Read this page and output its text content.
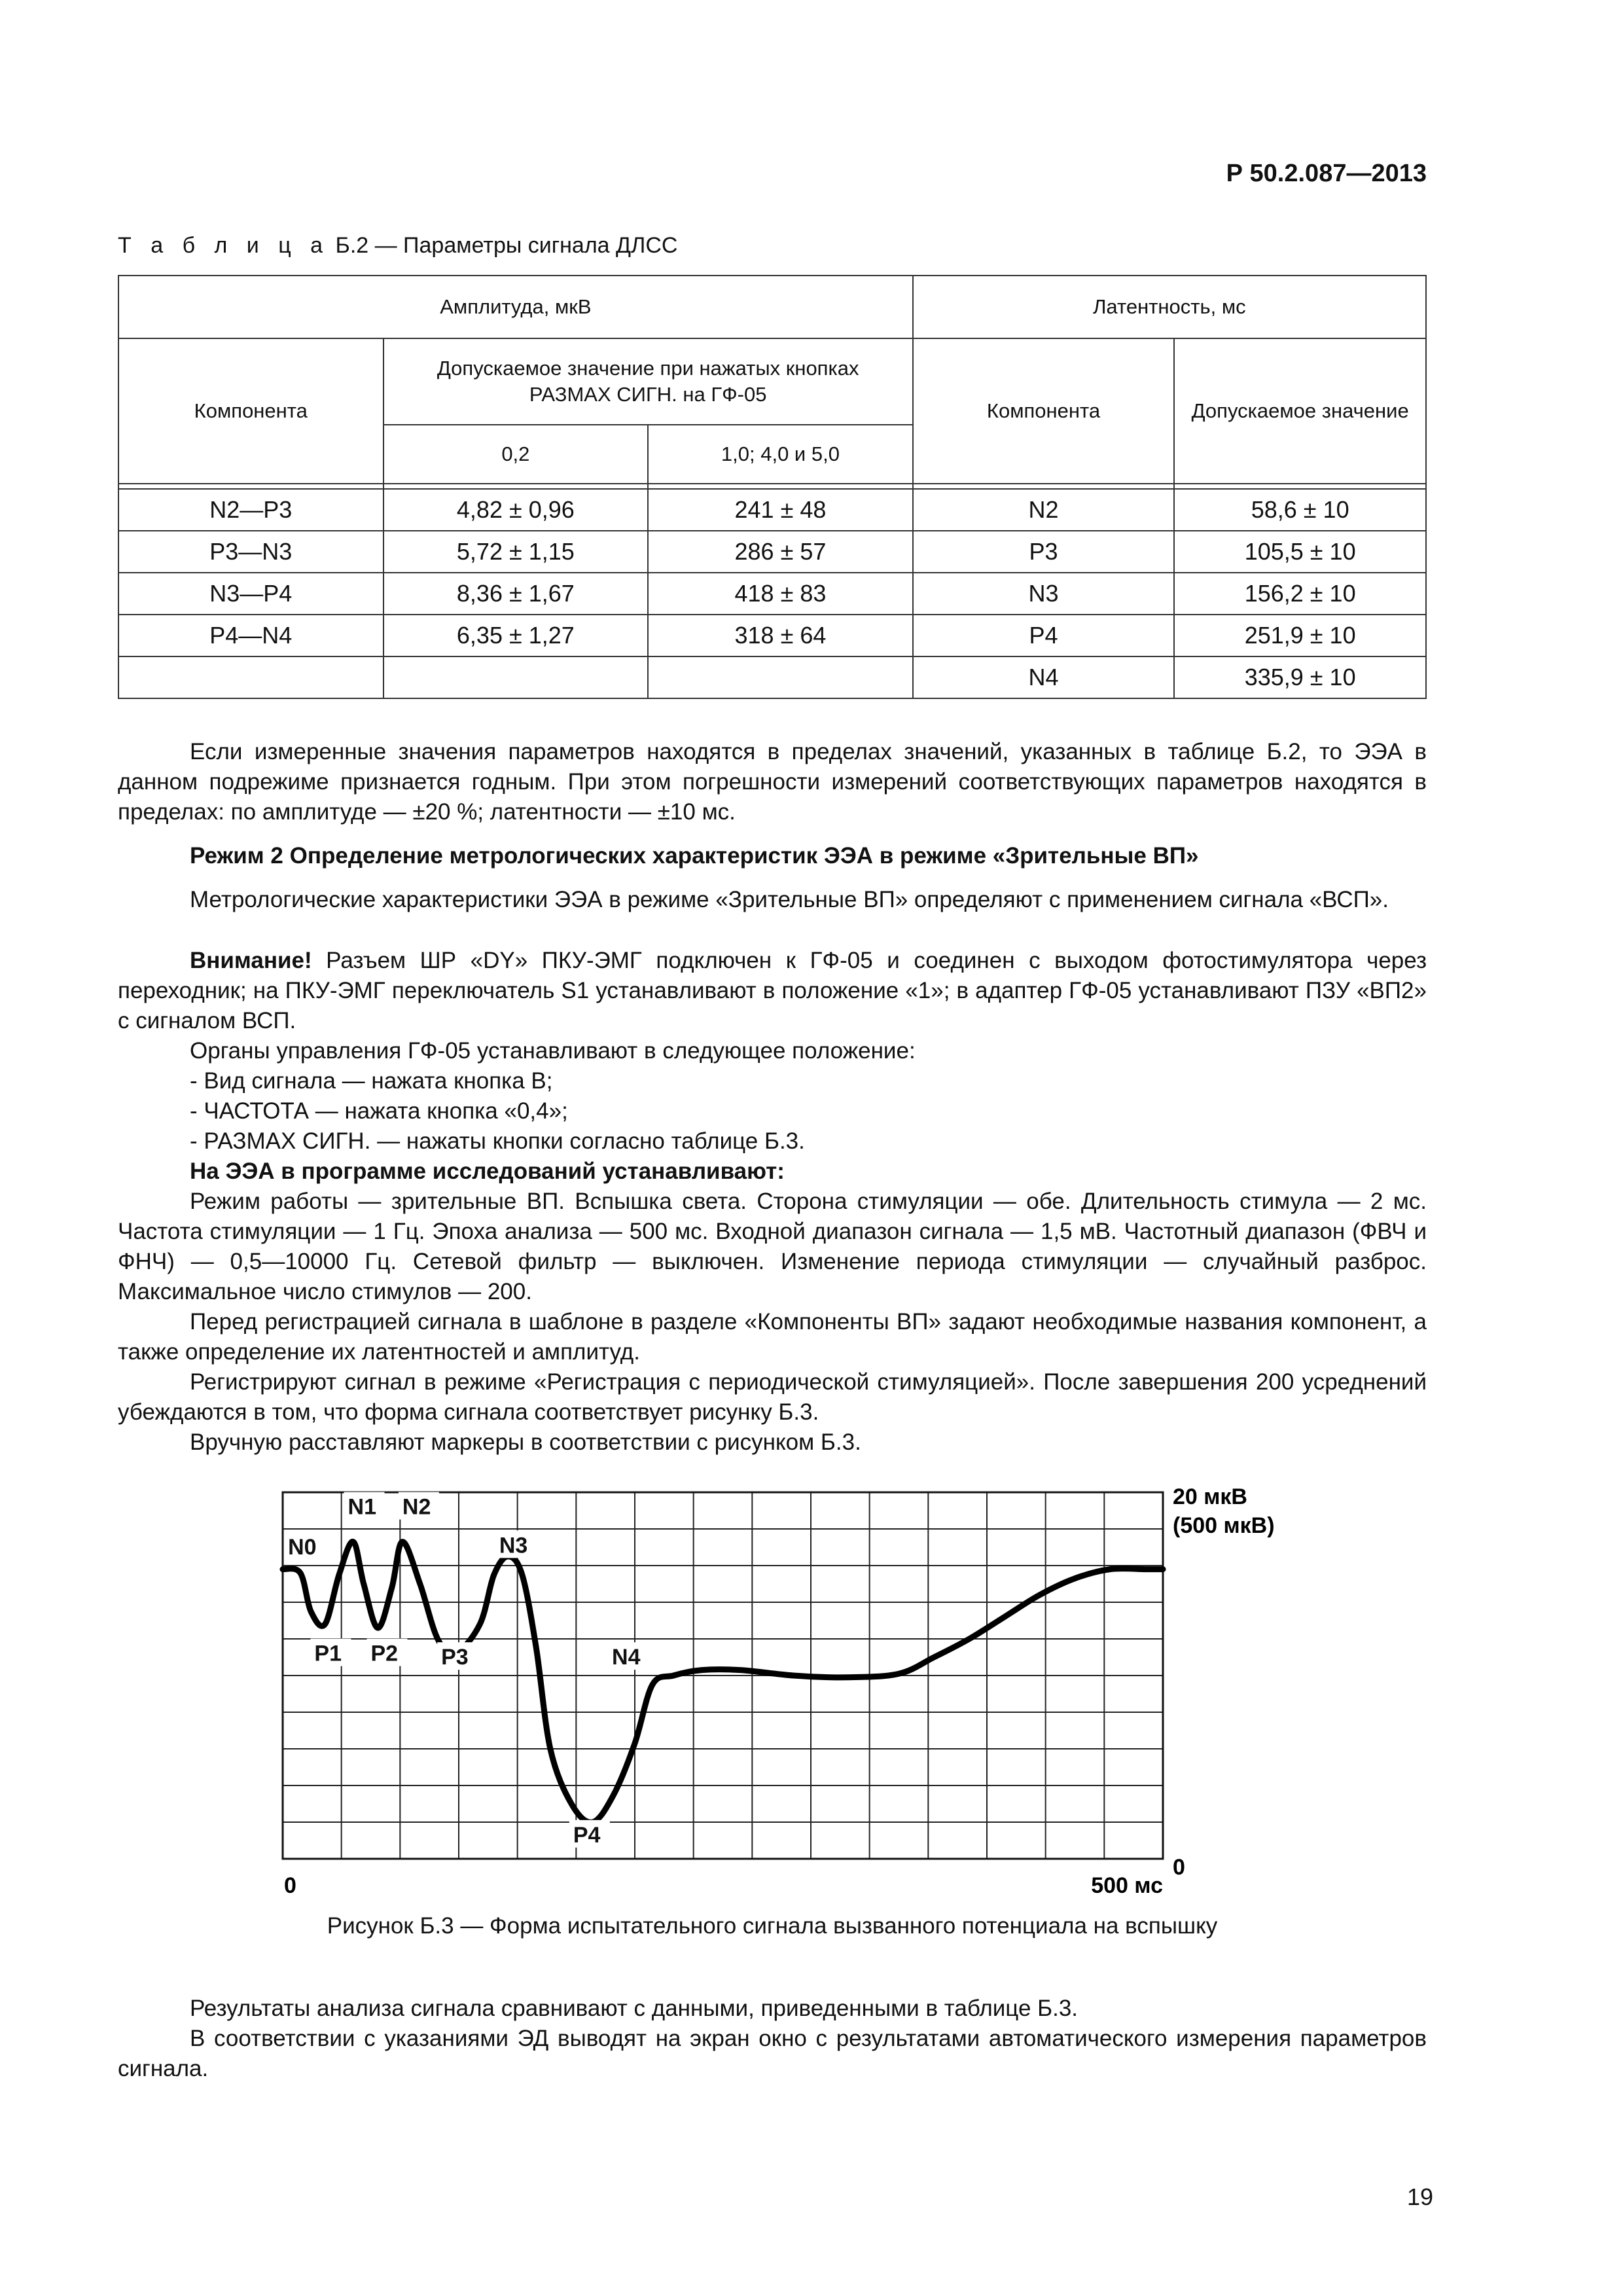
Р 50.2.087—2013
Т а б л и ц а Б.2 — Параметры сигнала ДЛСС
Амплитуда, мкВ			Латентность, мс	
Компонента	Допускаемое значение при нажатых кнопках РАЗМАХ СИГН. на ГФ-05		Компонента	Допускаемое значение
	0,2	1,0; 4,0 и 5,0		

N2—P3	4,82 ± 0,96	241 ± 48	N2	58,6 ± 10
P3—N3	5,72 ± 1,15	286 ± 57	P3	105,5 ± 10
N3—P4	8,36 ± 1,67	418 ± 83	N3	156,2 ± 10
P4—N4	6,35 ± 1,27	318 ± 64	P4	251,9 ± 10
			N4	335,9 ± 10
Если измеренные значения параметров находятся в пределах значений, указанных в таблице Б.2, то ЭЭА в данном подрежиме признается годным. При этом погрешности измерений соответствующих параметров находятся в пределах: по амплитуде — ±20 %; латентности — ±10 мс.
Режим 2 Определение метрологических характеристик ЭЭА в режиме «Зрительные ВП»
Метрологические характеристики ЭЭА в режиме «Зрительные ВП» определяют с применением сигнала «ВСП».
Внимание! Разъем ШР «DY» ПКУ-ЭМГ подключен к ГФ-05 и соединен с выходом фотостимулятора через переходник; на ПКУ-ЭМГ переключатель S1 устанавливают в положение «1»; в адаптер ГФ-05 устанавливают ПЗУ «ВП2» с сигналом ВСП.
Органы управления ГФ-05 устанавливают в следующее положение:
- Вид сигнала — нажата кнопка В;
- ЧАСТОТА — нажата кнопка «0,4»;
- РАЗМАХ СИГН. — нажаты кнопки согласно таблице Б.3.
На ЭЭА в программе исследований устанавливают:
Режим работы — зрительные ВП. Вспышка света. Сторона стимуляции — обе. Длительность стимула — 2 мс. Частота стимуляции — 1 Гц. Эпоха анализа — 500 мс. Входной диапазон сигнала — 1,5 мВ. Частотный диапазон (ФВЧ и ФНЧ) — 0,5—10000 Гц. Сетевой фильтр — выключен. Изменение периода стимуляции — случайный разброс. Максимальное число стимулов — 200.
Перед регистрацией сигнала в шаблоне в разделе «Компоненты ВП» задают необходимые названия компонент, а также определение их латентностей и амплитуд.
Регистрируют сигнал в режиме «Регистрация с периодической стимуляцией». После завершения 200 усреднений убеждаются в том, что форма сигнала соответствует рисунку Б.3.
Вручную расставляют маркеры в соответствии с рисунком Б.3.
N0
N1 N2
N3
P1 P2 P3	N4
P4
0	500 мс
0
20 мкВ
(500 мкВ)
Рисунок Б.3 — Форма испытательного сигнала вызванного потенциала на вспышку
Результаты анализа сигнала сравнивают с данными, приведенными в таблице Б.3.
В соответствии с указаниями ЭД выводят на экран окно с результатами автоматического измерения параметров сигнала.
19
